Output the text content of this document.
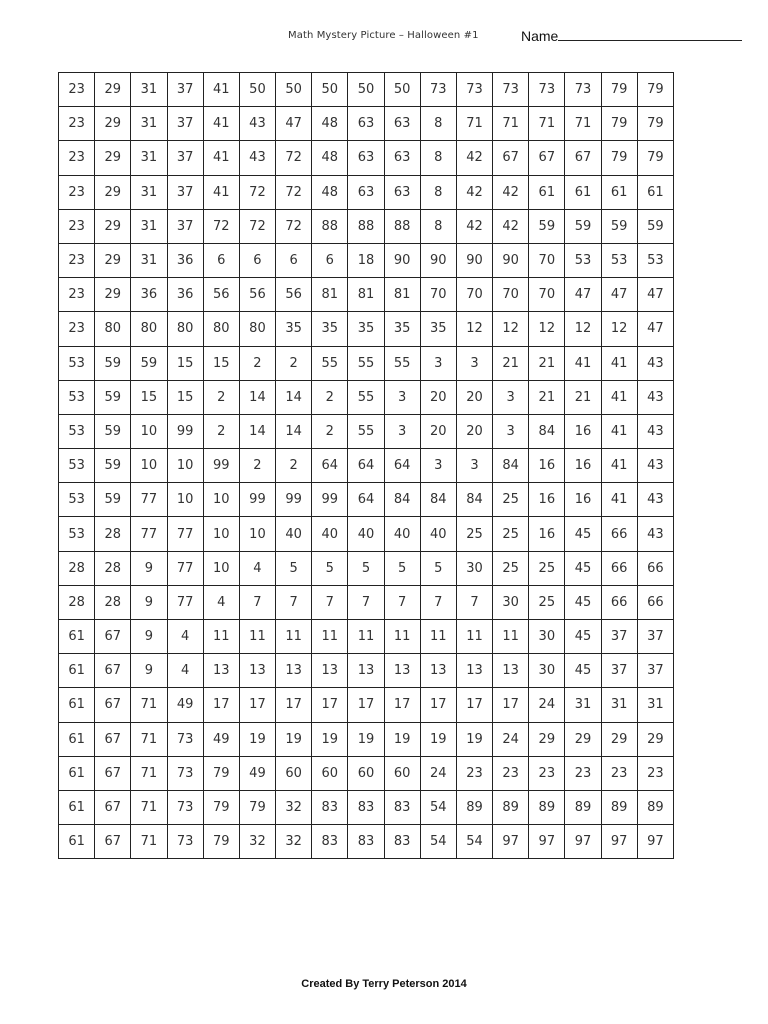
Math Mystery Picture – Halloween #1	Name
23	29	31	37	41	50	50	50	50	50	73	73	73	73	73	79	79
23	29	31	37	41	43	47	48	63	63	8	71	71	71	71	79	79
23	29	31	37	41	43	72	48	63	63	8	42	67	67	67	79	79
23	29	31	37	41	72	72	48	63	63	8	42	42	61	61	61	61
23	29	31	37	72	72	72	88	88	88	8	42	42	59	59	59	59
23	29	31	36	6	6	6	6	18	90	90	90	90	70	53	53	53
23	29	36	36	56	56	56	81	81	81	70	70	70	70	47	47	47
23	80	80	80	80	80	35	35	35	35	35	12	12	12	12	12	47
53	59	59	15	15	2	2	55	55	55	3	3	21	21	41	41	43
53	59	15	15	2	14	14	2	55	3	20	20	3	21	21	41	43
53	59	10	99	2	14	14	2	55	3	20	20	3	84	16	41	43
53	59	10	10	99	2	2	64	64	64	3	3	84	16	16	41	43
53	59	77	10	10	99	99	99	64	84	84	84	25	16	16	41	43
53	28	77	77	10	10	40	40	40	40	40	25	25	16	45	66	43
28	28	9	77	10	4	5	5	5	5	5	30	25	25	45	66	66
28	28	9	77	4	7	7	7	7	7	7	7	30	25	45	66	66
61	67	9	4	11	11	11	11	11	11	11	11	11	30	45	37	37
61	67	9	4	13	13	13	13	13	13	13	13	13	30	45	37	37
61	67	71	49	17	17	17	17	17	17	17	17	17	24	31	31	31
61	67	71	73	49	19	19	19	19	19	19	19	24	29	29	29	29
61	67	71	73	79	49	60	60	60	60	24	23	23	23	23	23	23
61	67	71	73	79	79	32	83	83	83	54	89	89	89	89	89	89
61	67	71	73	79	32	32	83	83	83	54	54	97	97	97	97	97
Created By Terry Peterson 2014
